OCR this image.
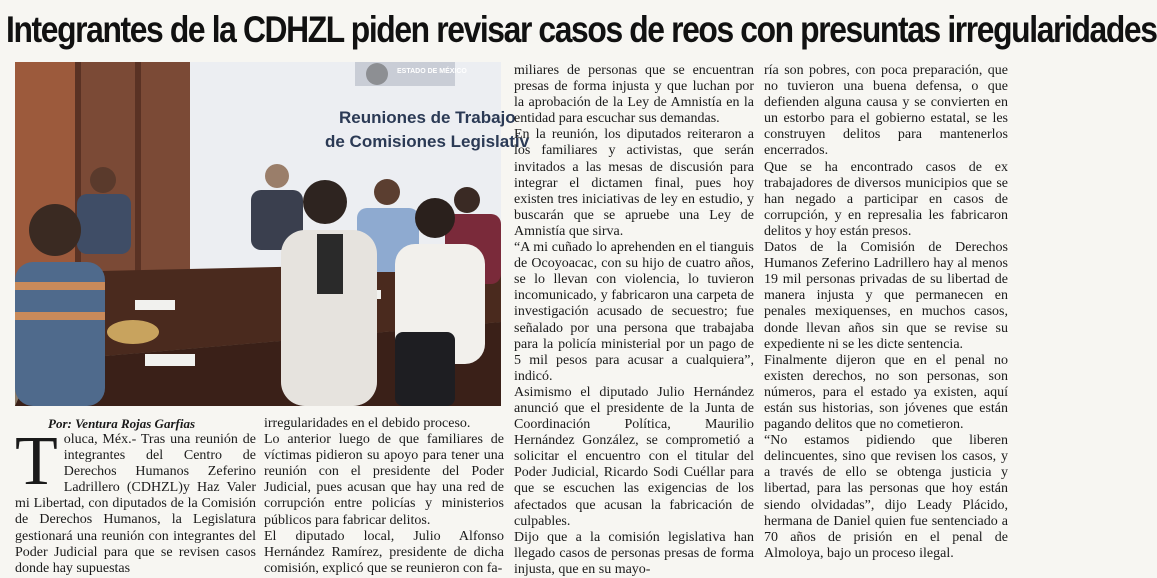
Integrantes de la CDHZL piden revisar casos de reos con presuntas irregularidades
Reuniones de Trabajo
de Comisiones Legislativ
ESTADO DE MÉXICO
Por: Ventura Rojas Garfias
Toluca, Méx.- Tras una reunión de integrantes del Centro de Derechos Humanos Zeferino Ladrillero (CDHZL)y Haz Valer mi Libertad, con diputados de la Comisión de Derechos Humanos, la Legislatura gestionará una reunión con integrantes del Poder Judicial para que se revisen casos donde hay supuestas

irregularidades en el debido proceso.

Lo anterior luego de que familiares de víctimas pidieron su apoyo para tener una reunión con el presidente del Poder Judicial, pues acusan que hay una red de corrupción entre policías y ministerios públicos para fabricar delitos.

El diputado local, Julio Alfonso Hernández Ramírez, presidente de dicha comisión, explicó que se reunieron con fa-

miliares de personas que se encuentran presas de forma injusta y que luchan por la aprobación de la Ley de Amnistía en la entidad para escuchar sus demandas.

En la reunión, los diputados reiteraron a los familiares y activistas, que serán invitados a las mesas de discusión para integrar el dictamen final, pues hoy existen tres iniciativas de ley en estudio, y buscarán que se apruebe una Ley de Amnistía que sirva.

“A mi cuñado lo aprehenden en el tianguis de Ocoyoacac, con su hijo de cuatro años, se lo llevan con violencia, lo tuvieron incomunicado, y fabricaron una carpeta de investigación acusado de secuestro; fue señalado por una persona que trabajaba para la policía ministerial por un pago de 5 mil pesos para acusar a cualquiera”, indicó.

Asimismo el diputado Julio Hernández anunció que el presidente de la Junta de Coordinación Política, Maurilio Hernández González, se comprometió a solicitar el encuentro con el titular del Poder Judicial, Ricardo Sodi Cuéllar para que se escuchen las exigencias de los afectados que acusan la fabricación de culpables.

Dijo que a la comisión legislativa han llegado casos de personas presas de forma injusta, que en su mayo-

ría son pobres, con poca preparación, que no tuvieron una buena defensa, o que defienden alguna causa y se convierten en un estorbo para el gobierno estatal, se les construyen delitos para mantenerlos encerrados.

Que se ha encontrado casos de ex trabajadores de diversos municipios que se han negado a participar en casos de corrupción, y en represalia les fabricaron delitos y hoy están presos.

Datos de la Comisión de Derechos Humanos Zeferino Ladrillero hay al menos 19 mil personas privadas de su libertad de manera injusta y que permanecen en penales mexiquenses, en muchos casos, donde llevan años sin que se revise su expediente ni se les dicte sentencia.

Finalmente dijeron que en el penal no existen derechos, no son personas, son números, para el estado ya existen, aquí están sus historias, son jóvenes que están pagando delitos que no cometieron.

“No estamos pidiendo que liberen delincuentes, sino que revisen los casos, y a través de ello se obtenga justicia y libertad, para las personas que hoy están siendo olvidadas”, dijo Leady Plácido, hermana de Daniel quien fue sentenciado a 70 años de prisión en el penal de Almoloya, bajo un proceso ilegal.
